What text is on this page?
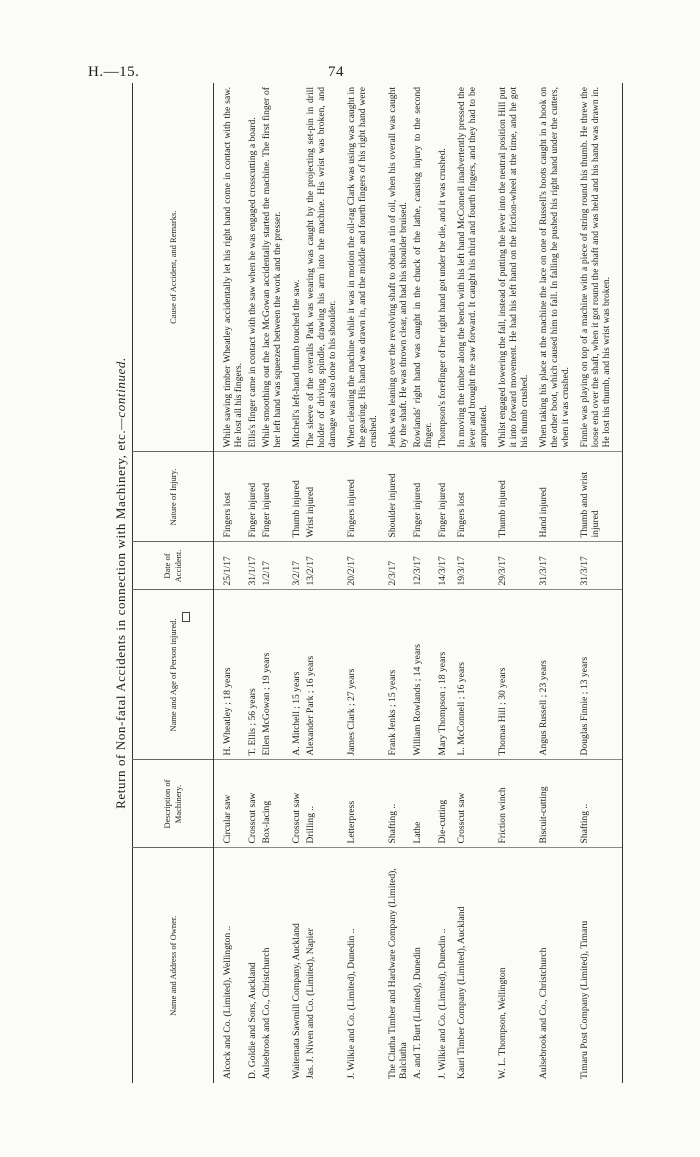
H.—15.	74
Return of Non-fatal Accidents in connection with Machinery, etc.—continued.
Name and Address of Owner.	Description of Machinery.	Name and Age of Person injured.	Date of Accident.	Nature of Injury.	Cause of Accident, and Remarks.
Alcock and Co. (Limited), Wellington ..	Circular saw	H. Wheatley ; 18 years	25/1/17	Fingers lost	While sawing timber Wheatley accidentally let his right hand come in contact with the saw. He lost all his fingers.
D. Goldie and Sons, Auckland	Crosscut saw	T. Ellis ; 56 years	31/1/17	Finger injured	Ellis's finger came in contact with the saw when he was engaged crosscutting a board.
Aulsebrook and Co., Christchurch	Box-lacing	Ellen McGowan ; 19 years	1/2/17	Finger injured	While smoothing out the lace McGowan accidentally started the machine. The first finger of her left hand was squeezed between the work and the presser.
Waitemata Sawmill Company, Auckland	Crosscut saw	A. Mitchell ; 15 years	3/2/17	Thumb injured	Mitchell's left-hand thumb touched the saw.
Jas. J. Niven and Co. (Limited), Napier	Drilling ..	Alexander Park ; 16 years	13/2/17	Wrist injured	The sleeve of the overalls Park was wearing was caught by the projecting set-pin in drill holder of driving spindle, drawing his arm into the machine. His wrist was broken, and damage was also done to his shoulder.
J. Wilkie and Co. (Limited), Dunedin ..	Letterpress	James Clark ; 27 years	20/2/17	Fingers injured	When cleaning the machine while it was in motion the oil-rag Clark was using was caught in the gearing. His hand was drawn in, and the middle and fourth fingers of his right hand were crushed.
The Clutha Timber and Hardware Company (Limited), Balclutha	Shafting ..	Frank Jenks ; 15 years	2/3/17	Shoulder injured	Jenks was leaning over the revolving shaft to obtain a tin of oil, when his overall was caught by the shaft. He was thrown clear, and had his shoulder bruised.
A. and T. Burt (Limited), Dunedin	Lathe	William Rowlands ; 14 years	12/3/17	Finger injured	Rowlands' right hand was caught in the chuck of the lathe, causing injury to the second finger.
J. Wilkie and Co. (Limited), Dunedin ..	Die-cutting	Mary Thompson ; 18 years	14/3/17	Finger injured	Thompson's forefinger of her right hand got under the die, and it was crushed.
Kauri Timber Company (Limited), Auckland	Crosscut saw	L. McConnell ; 16 years	19/3/17	Fingers lost	In moving the timber along the bench with his left hand McConnell inadvertently pressed the lever and brought the saw forward. It caught his third and fourth fingers, and they had to be amputated.
W. L. Thompson, Wellington	Friction winch	Thomas Hill ; 30 years	29/3/17	Thumb injured	Whilst engaged lowering the fall, instead of putting the lever into the neutral position Hill put it into forward movement. He had his left hand on the friction-wheel at the time, and he got his thumb crushed.
Aulsebrook and Co., Christchurch	Biscuit-cutting	Angus Russell ; 23 years	31/3/17	Hand injured	When taking his place at the machine the lace on one of Russell's boots caught in a hook on the other boot, which caused him to fall. In falling he pushed his right hand under the cutters, when it was crushed.
Timaru Post Company (Limited), Timaru	Shafting ..	Douglas Finnie ; 13 years	31/3/17	Thumb and wrist injured	Finnie was playing on top of a machine with a piece of string round his thumb. He threw the loose end over the shaft, when it got round the shaft and was held and his hand was drawn in. He lost his thumb, and his wrist was broken.
